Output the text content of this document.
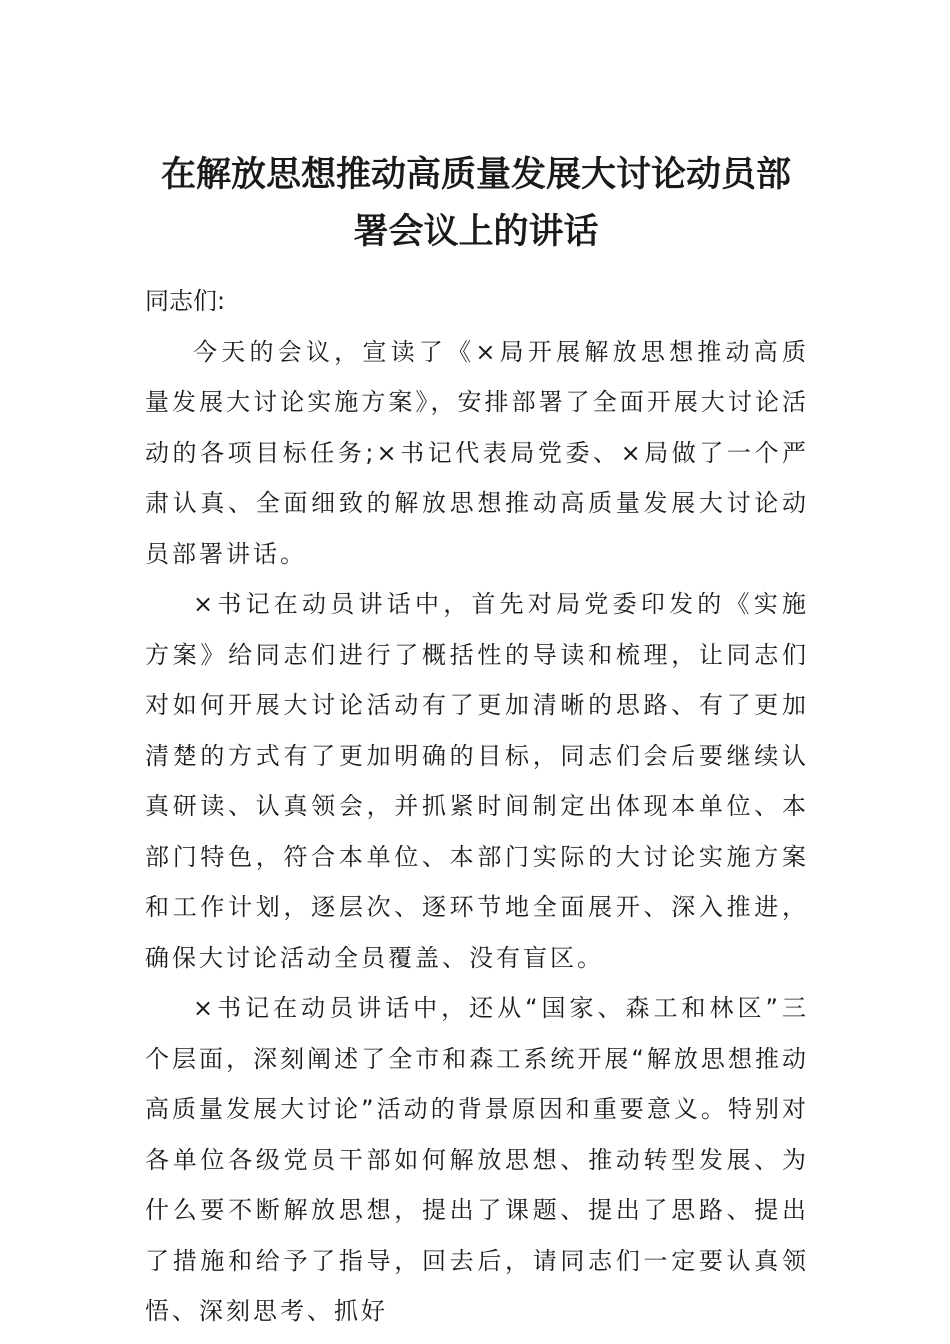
在解放思想推动高质量发展大讨论动员部署会议上的讲话

同志们:

今天的会议，宣读了《×局开展解放思想推动高质量发展大讨论实施方案》，安排部署了全面开展大讨论活动的各项目标任务;×书记代表局党委、×局做了一个严肃认真、全面细致的解放思想推动高质量发展大讨论动员部署讲话。

×书记在动员讲话中，首先对局党委印发的《实施方案》给同志们进行了概括性的导读和梳理，让同志们对如何开展大讨论活动有了更加清晰的思路、有了更加清楚的方式有了更加明确的目标，同志们会后要继续认真研读、认真领会，并抓紧时间制定出体现本单位、本部门特色，符合本单位、本部门实际的大讨论实施方案和工作计划，逐层次、逐环节地全面展开、深入推进，确保大讨论活动全员覆盖、没有盲区。

×书记在动员讲话中，还从“国家、森工和林区”三个层面，深刻阐述了全市和森工系统开展“解放思想推动高质量发展大讨论”活动的背景原因和重要意义。特别对各单位各级党员干部如何解放思想、推动转型发展、为什么要不断解放思想，提出了课题、提出了思路、提出了措施和给予了指导，回去后，请同志们一定要认真领悟、深刻思考、抓好
